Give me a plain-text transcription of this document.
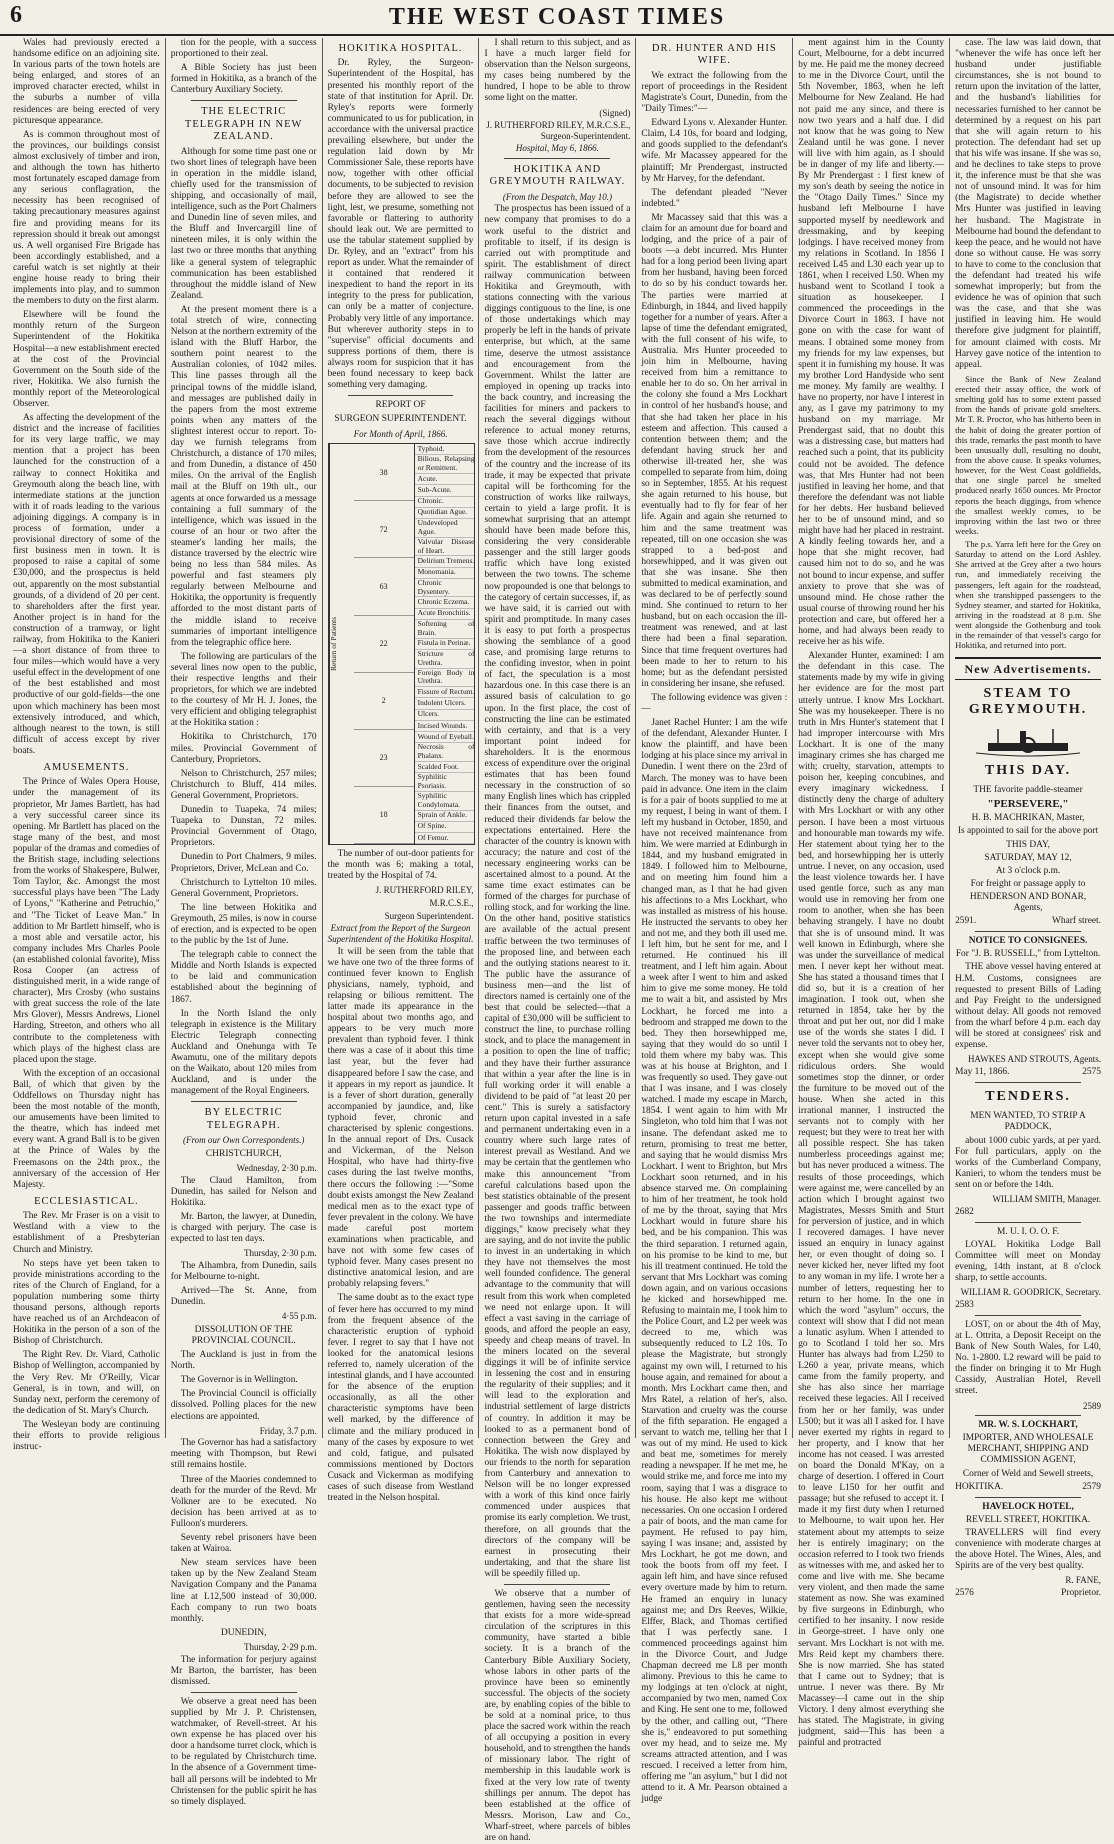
6	THE WEST COAST TIMES

Wales had previously erected a handsome edifice on an adjoining site. In various parts of the town hotels are being enlarged, and stores of an improved character erected, whilst in the suburbs a number of villa residences are being erected of very picturesque appearance.

As is common throughout most of the provinces, our buildings consist almost exclusively of timber and iron, and although the town has hitherto most fortunately escaped damage from any serious conflagration, the necessity has been recognised of taking precautionary measures against fire and providing means for its repression should it break out amongst us. A well organised Fire Brigade has been accordingly established, and a careful watch is set nightly at their engine house ready to bring their implements into play, and to summon the members to duty on the first alarm.

Elsewhere will be found the monthly return of the Surgeon Superintendent of the Hokitika Hospital—a new establishment erected at the cost of the Provincial Government on the South side of the river, Hokitika. We also furnish the monthly report of the Meteorological Observer.

As affecting the development of the district and the increase of facilities for its very large traffic, we may mention that a project has been launched for the construction of a railway to connect Hokitika and Greymouth along the beach line, with intermediate stations at the junction with it of roads leading to the various adjoining diggings. A company is in process of formation, under a provisional directory of some of the first business men in town. It is proposed to raise a capital of some £30,000, and the prospectus is held out, apparently on the most substantial grounds, of a dividend of 20 per cent. to shareholders after the first year. Another project is in hand for the construction of a tramway, or light railway, from Hokitika to the Kanieri—a short distance of from three to four miles—which would have a very useful effect in the development of one of the best established and most productive of our gold-fields—the one upon which machinery has been most extensively introduced, and which, although nearest to the town, is still difficult of access except by river boats.

AMUSEMENTS.

The Prince of Wales Opera House, under the management of its proprietor, Mr James Bartlett, has had a very successful career since its opening. Mr Bartlett has placed on the stage many of the best, and most popular of the dramas and comedies of the British stage, including selections from the works of Shakespere, Bulwer, Tom Taylor, &c. Amongst the most successful plays have been "The Lady of Lyons," "Katherine and Petruchio," and "The Ticket of Leave Man." In addition to Mr Bartlett himself, who is a most able and versatile actor, his company includes Mrs Charles Poole (an established colonial favorite), Miss Rosa Cooper (an actress of distinguished merit, in a wide range of character), Mrs Crosby (who sustains with great success the role of the late Mrs Glover), Messrs Andrews, Lionel Harding, Streeton, and others who all contribute to the completeness with which plays of the highest class are placed upon the stage.

With the exception of an occasional Ball, of which that given by the Oddfellows on Thursday night has been the most notable of the month, our amusements have been limited to the theatre, which has indeed met every want. A grand Ball is to be given at the Prince of Wales by the Freemasons on the 24th prox., the anniversary of the accession of Her Majesty.

ECCLESIASTICAL.

The Rev. Mr Fraser is on a visit to Westland with a view to the establishment of a Presbyterian Church and Ministry.

No steps have yet been taken to provide ministrations according to the rites of the Church of England, for a population numbering some thirty thousand persons, although reports have reached us of an Archdeacon of Hokitika in the person of a son of the Bishop of Christchurch.

The Right Rev. Dr. Viard, Catholic Bishop of Wellington, accompanied by the Very Rev. Mr O'Reilly, Vicar General, is in town, and will, on Sunday next, perform the ceremony of the dedication of St. Mary's Church.

The Wesleyan body are continuing their efforts to provide religious instruc-

tion for the people, with a success proportioned to their zeal.

A Bible Society has just been formed in Hokitika, as a branch of the Canterbury Auxiliary Society.

THE ELECTRIC TELEGRAPH IN NEW ZEALAND.

Although for some time past one or two short lines of telegraph have been in operation in the middle island, chiefly used for the transmission of shipping, and occasionally of mail, intelligence, such as the Port Chalmers and Dunedin line of seven miles, and the Bluff and Invercargill line of nineteen miles, it is only within the last two or three months that anything like a general system of telegraphic communication has been established throughout the middle island of New Zealand.

At the present moment there is a total stretch of wire, connecting Nelson at the northern extremity of the island with the Bluff Harbor, the southern point nearest to the Australian colonies, of 1042 miles. This line passes through all the principal towns of the middle island, and messages are published daily in the papers from the most extreme points when any matters of the slightest interest occur to report. To-day we furnish telegrams from Christchurch, a distance of 170 miles, and from Dunedin, a distance of 450 miles. On the arrival of the English mail at the Bluff on 19th ult., our agents at once forwarded us a message containing a full summary of the intelligence, which was issued in the course of an hour or two after the steamer's landing her mails, the distance traversed by the electric wire being no less than 584 miles. As powerful and fast steamers ply regularly between Melbourne and Hokitika, the opportunity is frequently afforded to the most distant parts of the middle island to receive summaries of important intelligence from the telegraphic office here.

The following are particulars of the several lines now open to the public, their respective lengths and their proprietors, for which we are indebted to the courtesy of Mr H. J. Jones, the very efficient and obliging telegraphist at the Hokitika station :

Hokitika to Christchurch, 170 miles. Provincial Government of Canterbury, Proprietors.

Nelson to Christchurch, 257 miles; Christchurch to Bluff, 414 miles. General Government, Proprietors.

Dunedin to Tuapeka, 74 miles; Tuapeka to Dunstan, 72 miles. Provincial Government of Otago, Proprietors.

Dunedin to Port Chalmers, 9 miles. Proprietors, Driver, McLean and Co.

Christchurch to Lyttelton 10 miles. General Government, Proprietors.

The line between Hokitika and Greymouth, 25 miles, is now in course of erection, and is expected to be open to the public by the 1st of June.

The telegraph cable to connect the Middle and North Islands is expected to be laid and communication established about the beginning of 1867.

In the North Island the only telegraph in existence is the Military Electric Telegraph connecting Auckland and Onehunga with Te Awamutu, one of the military depots on the Waikato, about 120 miles from Auckland, and is under the management of the Royal Engineers.

BY ELECTRIC TELEGRAPH.
(From our Own Correspondents.)
CHRISTCHURCH,
Wednesday, 2·30 p.m.

The Claud Hamilton, from Dunedin, has sailed for Nelson and Hokitika.

Mr. Barton, the lawyer, at Dunedin, is charged with perjury. The case is expected to last ten days.

Thursday, 2·30 p.m.

The Alhambra, from Dunedin, sails for Melbourne to-night.

Arrived—The St. Anne, from Dunedin.

4·55 p.m.
DISSOLUTION OF THE PROVINCIAL COUNCIL.

The Auckland is just in from the North.

The Governor is in Wellington.

The Provincial Council is officially dissolved. Polling places for the new elections are appointed.

Friday, 3.7 p.m.

The Governor has had a satisfactory meeting with Thompson, but Rewi still remains hostile.

Three of the Maories condemned to death for the murder of the Revd. Mr Volkner are to be executed. No decision has been arrived at as to Fulloon's murderers.

Seventy rebel prisoners have been taken at Wairoa.

New steam services have been taken up by the New Zealand Steam Navigation Company and the Panama line at L12,500 instead of 30,000. Each company to run two boats monthly.

DUNEDIN,
Thursday, 2·29 p.m.

The information for perjury against Mr Barton, the barrister, has been dismissed.

We observe a great need has been supplied by Mr J. P. Christensen, watchmaker, of Revell-street. At his own expense he has placed over his door a handsome turret clock, which is to be regulated by Christchurch time. In the absence of a Government time-ball all persons will be indebted to Mr Christensen for the public spirit he has so timely displayed.

HOKITIKA HOSPITAL.

Dr. Ryley, the Surgeon-Superintendent of the Hospital, has presented his monthly report of the state of that institution for April. Dr. Ryley's reports were formerly communicated to us for publication, in accordance with the universal practice prevailing elsewhere, but under the regulation laid down by Mr Commissioner Sale, these reports have now, together with other official documents, to be subjected to revision before they are allowed to see the light, lest, we presume, something not favorable or flattering to authority should leak out. We are permitted to use the tabular statement supplied by Dr. Ryley, and an "extract" from his report as under. What the remainder of it contained that rendered it inexpedient to hand the report in its integrity to the press for publication, can only be a matter of conjecture. Probably very little of any importance. But wherever authority steps in to "supervise" official documents and suppress portions of them, there is always room for suspicion that it has been found necessary to keep back something very damaging.

REPORT OF
SURGEON SUPERINTENDENT.
For Month of April, 1866.
Return of Patients
38
72
63
22
2
23
18
Typhoid.
Bilious, Relapsing or Remittent.
Acute.
Sub-Acute.
Chronic.
Quotidian Ague.
Undeveloped Ague.
Valvular Disease of Heart.
Delirium Tremens.
Monomania.
Chronic Dysentery.
Chronic Eczema.
Acute Bronchitis.
Softening of Brain.
Fistula in Perinæ.
Stricture of Urethra.
Foreign Body in Urethra.
Fissure of Rectum.
Indolent Ulcers.
Ulcers.
Incised Wounds.
Wound of Eyeball.
Necrosis of Phalanx.
Scalded Foot.
Syphilitic Psoriasis.
Syphilitic Condylomata.
Sprain of Ankle.
Of Spine.
Of Femur.

The number of out-door patients for the month was 6; making a total, treated by the Hospital of 74.

J. RUTHERFORD RILEY,
M.R.C.S.E.,
Surgeon Superintendent.
Extract from the Report of the Surgeon Superintendent of the Hokitika Hospital.

It will be seen from the table that we have one two of the three forms of continued fever known to English physicians, namely, typhoid, and relapsing or bilious remittent. The latter made its appearance in the hospital about two months ago, and appears to be very much more prevalent than typhoid fever. I think there was a case of it about this time last year, but the fever had disappeared before I saw the case, and it appears in my report as jaundice. It is a fever of short duration, generally accompanied by jaundice, and, like typhoid fever, chronic and characterised by splenic congestions. In the annual report of Drs. Cusack and Vickerman, of the Nelson Hospital, who have had thirty-five cases during the last twelve months, there occurs the following :—"Some doubt exists amongst the New Zealand medical men as to the exact type of fever prevalent in the colony. We have made careful post mortem examinations when practicable, and have not with some few cases of typhoid fever. Many cases present no distinctive anatomical lesion, and are probably relapsing fevers."

The same doubt as to the exact type of fever here has occurred to my mind from the frequent absence of the characteristic eruption of typhoid fever. I regret to say that I have not looked for the anatomical lesions referred to, namely ulceration of the intestinal glands, and I have accounted for the absence of the eruption occasionally, as all the other characteristic symptoms have been well marked, by the difference of climate and the miliary produced in many of the cases by exposure to wet and cold, fatigue, and pulsated commissions mentioned by Doctors Cusack and Vickerman as modifying cases of such disease from Westland treated in the Nelson hospital.

I shall return to this subject, and as I have a much larger field for observation than the Nelson surgeons, my cases being numbered by the hundred, I hope to be able to throw some light on the matter.

(Signed)
J. RUTHERFORD RILEY, M.R.C.S.E., Surgeon-Superintendent.
Hospital, May 6, 1866.
HOKITIKA AND GREYMOUTH RAILWAY.
(From the Despatch, May 10.)

The prospectus has been issued of a new company that promises to do a work useful to the district and profitable to itself, if its design is carried out with promptitude and spirit. The establishment of direct railway communication between Hokitika and Greymouth, with stations connecting with the various diggings contiguous to the line, is one of those undertakings which may properly be left in the hands of private enterprise, but which, at the same time, deserve the utmost assistance and encouragement from the Government. Whilst the latter are employed in opening up tracks into the back country, and increasing the facilities for miners and packers to reach the several diggings without reference to actual money returns, save those which accrue indirectly from the development of the resources of the country and the increase of its trade, it may be expected that private capital will be forthcoming for the construction of works like railways, certain to yield a large profit. It is somewhat surprising that an attempt should have been made before this, considering the very considerable passenger and the still larger goods traffic which have long existed between the two towns. The scheme now propounded is one that belongs to the category of certain successes, if, as we have said, it is carried out with spirit and promptitude. In many cases it is easy to put forth a prospectus showing the semblance of a good case, and promising large returns to the confiding investor, when in point of fact, the speculation is a most hazardous one. In this case there is an assured basis of calculation to go upon. In the first place, the cost of constructing the line can be estimated with certainty, and that is a very important point indeed for shareholders. It is the enormous excess of expenditure over the original estimates that has been found necessary in the construction of so many English lines which has crippled their finances from the outset, and reduced their dividends far below the expectations entertained. Here the character of the country is known with accuracy; the nature and cost of the necessary engineering works can be ascertained almost to a pound. At the same time exact estimates can be formed of the charges for purchase of rolling stock, and for working the line. On the other hand, positive statistics are available of the actual present traffic between the two terminuses of the proposed line, and between each and the outlying stations nearest to it. The public have the assurance of business men—and the list of directors named is certainly one of the best that could be selected—that a capital of £30,000 will be sufficient to construct the line, to purchase rolling stock, and to place the management in a position to open the line of traffic; and they have their further assurance that within a year after the line is in full working order it will enable a dividend to be paid of "at least 20 per cent." This is surely a satisfactory return upon capital invested in a safe and permanent undertaking even in a country where such large rates of interest prevail as Westland. And we may be certain that the gentlemen who make this announcement "from careful calculations based upon the best statistics obtainable of the present passenger and goods traffic between the two townships and intermediate diggings," know precisely what they are saying, and do not invite the public to invest in an undertaking in which they have not themselves the most well founded confidence. The general advantage to the community that will result from this work when completed we need not enlarge upon. It will effect a vast saving in the carriage of goods, and afford the people an easy, speedy and cheap means of travel. In the miners located on the several diggings it will be of infinite service in lessening the cost and in ensuring the regularity of their supplies; and it will lead to the exploration and industrial settlement of large districts of country. In addition it may be looked to as a permanent bond of connection between the Grey and Hokitika. The wish now displayed by our friends to the north for separation from Canterbury and annexation to Nelson will be no longer expressed with a work of this kind once fairly commenced under auspices that promise its early completion. We trust, therefore, on all grounds that the directors of the company will be earnest in prosecuting their undertaking, and that the share list will be speedily filled up.

We observe that a number of gentlemen, having seen the necessity that exists for a more wide-spread circulation of the scriptures in this community, have started a bible society. It is a branch of the Canterbury Bible Auxiliary Society, whose labors in other parts of the province have been so eminently successful. The objects of the society are, by enabling copies of the bible to be sold at a nominal price, to thus place the sacred work within the reach of all occupying a position in every household, and to strengthen the hands of missionary labor. The right of membership in this laudable work is fixed at the very low rate of twenty shillings per annum. The depot has been established at the office of Messrs. Morison, Law and Co., Wharf-street, where parcels of bibles are on hand.

DR. HUNTER AND HIS WIFE.

We extract the following from the report of proceedings in the Resident Magistrate's Court, Dunedin, from the "Daily Times:"—

Edward Lyons v. Alexander Hunter. Claim, L4 10s, for board and lodging, and goods supplied to the defendant's wife. Mr Macassey appeared for the plaintiff; Mr Prendergast, instructed by Mr Harvey, for the defendant.

The defendant pleaded "Never indebted."

Mr Macassey said that this was a claim for an amount due for board and lodging, and the price of a pair of boots —a debt incurred. Mrs Hunter had for a long period been living apart from her husband, having been forced to do so by his conduct towards her. The parties were married at Edinburgh, in 1844, and lived happily together for a number of years. After a lapse of time the defendant emigrated, with the full consent of his wife, to Australia. Mrs Hunter proceeded to join him in Melbourne, having received from him a remittance to enable her to do so. On her arrival in the colony she found a Mrs Lockhart in control of her husband's house, and that she had taken her place in his esteem and affection. This caused a contention between them; and the defendant having struck her and otherwise ill-treated her, she was compelled to separate from him, doing so in September, 1855. At his request she again returned to his house, but eventually had to fly for fear of her life. Again and again she returned to him and the same treatment was repeated, till on one occasion she was strapped to a bed-post and horsewhipped, and it was given out that she was insane. She then submitted to medical examination, and was declared to be of perfectly sound mind. She continued to return to her husband, but on each occasion the ill-treatment was renewed, and at last there had been a final separation. Since that time frequent overtures had been made to her to return to his home; but as the defendant persisted in considering her insane, she refused.

The following evidence was given :—

Janet Rachel Hunter: I am the wife of the defendant, Alexander Hunter. I know the plaintiff, and have been lodging at his place since my arrival in Dunedin. I went there on the 23rd of March. The money was to have been paid in advance. One item in the claim is for a pair of boots supplied to me at my request, I being in want of them. I left my husband in October, 1850, and have not received maintenance from him. We were married at Edinburgh in 1844, and my husband emigrated in 1849. I followed him to Melbourne, and on meeting him found him a changed man, as I that he had given his affections to a Mrs Lockhart, who was installed as mistress of his house. He instructed the servants to obey her and not me, and they both ill used me. I left him, but he sent for me, and I returned. He continued his ill treatment, and I left him again. About a week after I went to him and asked him to give me some money. He told me to wait a bit, and assisted by Mrs Lockhart, he forced me into a bedroom and strapped me down to the bed. They then horsewhipped me, saying that they would do so until I told them where my baby was. This was at his house at Brighton, and I was frequently so used. They gave out that I was insane, and I was closely watched. I made my escape in March, 1854. I went again to him with Mr Singleton, who told him that I was not insane. The defendant asked me to return, promising to treat me better, and saying that he would dismiss Mrs Lockhart. I went to Brighton, but Mrs Lockhart soon returned, and in his absence starved me. On complaining to him of her treatment, he took hold of me by the throat, saying that Mrs Lockhart would in future share his bed, and be his companion. This was the third separation. I returned again, on his promise to be kind to me, but his ill treatment continued. He told the servant that Mrs Lockhart was coming down again, and on various occasions he kicked and horsewhipped me. Refusing to maintain me, I took him to the Police Court, and L2 per week was decreed to me, which was subsequently reduced to L2 10s. To please the Magistrate, but strongly against my own will, I returned to his house again, and remained for about a month. Mrs Lockhart came then, and Mrs Ratel, a relation of her's, also. Starvation and cruelty was the course of the fifth separation. He engaged a servant to watch me, telling her that I was out of my mind. He used to kick and beat me, sometimes for merely reading a newspaper. If he met me, he would strike me, and force me into my room, saying that I was a disgrace to his house. He also kept me without necessaries. On one occasion I ordered a pair of boots, and the man came for payment. He refused to pay him, saying I was insane; and, assisted by Mrs Lockhart, he got me down, and took the boots from off my feet. I again left him, and have since refused every overture made by him to return. He framed an enquiry in lunacy against me; and Drs Reeves, Wilkie, Elffer, Black, and Thomas certified that I was perfectly sane. I commenced proceedings against him in the Divorce Court, and Judge Chapman decreed me L8 per month alimony. Previous to this he came to my lodgings at ten o'clock at night, accompanied by two men, named Cox and King. He sent one to me, followed by the other, and calling out, "There she is," endeavored to put something over my head, and to seize me. My screams attracted attention, and I was rescued. I received a letter from him, offering me "an asylum," but I did not attend to it. A Mr. Pearson obtained a judge

ment against him in the County Court, Melbourne, for a debt incurred by me. He paid me the money decreed to me in the Divorce Court, until the 5th November, 1863, when he left Melbourne for New Zealand. He had not paid me any since, and there is now two years and a half due. I did not know that he was going to New Zealand until he was gone. I never will live with him again, as I should be in danger of my life and liberty.—By Mr Prendergast : I first knew of my son's death by seeing the notice in the "Otago Daily Times." Since my husband left Melbourne I have supported myself by needlework and dressmaking, and by keeping lodgings. I have received money from my relations in Scotland. In 1856 I received L45 and L30 each year up to 1861, when I received L50. When my husband went to Scotland I took a situation as housekeeper. I commenced the proceedings in the Divorce Court in 1863. I have not gone on with the case for want of means. I obtained some money from my friends for my law expenses, but spent it in furnishing my house. It was my brother Lord Handyside who sent me money. My family are wealthy. I have no property, nor have I interest in any, as I gave my patrimony to my husband on my marriage. Mr Prendergast said, that no doubt this was a distressing case, but matters had reached such a point, that its publicity could not be avoided. The defence was, that Mrs Hunter had not been justified in leaving her home, and that therefore the defendant was not liable for her debts. Her husband believed her to be of unsound mind, and so might have had her placed in restraint. A kindly feeling towards her, and a hope that she might recover, had caused him not to do so, and he was not bound to incur expense, and suffer anxiety to prove that she was of unsound mind. He chose rather the usual course of throwing round her his protection and care, but offered her a home, and had always been ready to receive her as his wife.

Alexander Hunter, examined: I am the defendant in this case. The statements made by my wife in giving her evidence are for the most part utterly untrue. I know Mrs Lockhart. She was my housekeeper. There is no truth in Mrs Hunter's statement that I had improper intercourse with Mrs Lockhart. It is one of the many imaginary crimes she has charged me with; cruelty, starvation, attempts to poison her, keeping concubines, and every imaginary wickedness. I distinctly deny the charge of adultery with Mrs Lockhart or with any other person. I have been a most virtuous and honourable man towards my wife. Her statement about tying her to the bed, and horsewhipping her is utterly untrue. I never, on any occasion, used the least violence towards her. I have used gentle force, such as any man would use in removing her from one room to another, when she has been behaving strangely. I have no doubt that she is of unsound mind. It was well known in Edinburgh, where she was under the surveillance of medical men. I never kept her without meat. She has stated a thousand times that I did so, but it is a creation of her imagination. I took out, when she returned in 1854, take her by the throat and put her out, nor did I make use of the words she states I did. I never told the servants not to obey her, except when she would give some ridiculous orders. She would sometimes stop the dinner, or order the furniture to be moved out of the house. When she acted in this irrational manner, I instructed the servants not to comply with her request; but they were to treat her with all possible respect. She has taken numberless proceedings against me; but has never produced a witness. The results of those proceedings, which were against me, were cancelled by an action which I brought against two Magistrates, Messrs Smith and Sturt for perversion of justice, and in which I recovered damages. I have never issued an enquiry in lunacy against her, or even thought of doing so. I never kicked her, never lifted my foot to any woman in my life. I wrote her a number of letters, requesting her to return to her home. In the one in which the word "asylum" occurs, the context will show that I did not mean a lunatic asylum. When I attended to go to Scotland I told her so. Mrs Hunter has always had from L250 to L260 a year, private means, which came from the family property, and she has also since her marriage received these legacies. All I received from her or her family, was under L500; but it was all I asked for. I have never exerted my rights in regard to her property, and I know that her income has not ceased. I was arrested on board the Donald M'Kay, on a charge of desertion. I offered in Court to leave L150 for her outfit and passage; but she refused to accept it. I made it my first duty when I returned to Melbourne, to wait upon her. Her statement about my attempts to seize her is entirely imaginary; on the occasion referred to I took two friends as witnesses with me, and asked her to come and live with me. She became very violent, and then made the same statement as now. She was examined by five surgeons in Edinburgh, who certified to her insanity. I now reside in George-street. I have only one servant. Mrs Lockhart is not with me. Mrs Reid kept my chambers there. She is now married. She has stated that I came out to Sydney; that is untrue. I never was there. By Mr Macassey—I came out in the ship Victory. I deny almost everything she has stated. The Magistrate, in giving judgment, said—This has been a painful and protracted

case. The law was laid down, that "whenever the wife has once left her husband under justifiable circumstances, she is not bound to return upon the invitation of the latter, and the husband's liabilities for necessaries furnished to her cannot be determined by a request on his part that she will again return to his protection. The defendant had set up that his wife was insane. If she was so, and he declines to take steps to prove it, the inference must be that she was not of unsound mind. It was for him (the Magistrate) to decide whether Mrs Hunter was justified in leaving her husband. The Magistrate in Melbourne had bound the defendant to keep the peace, and he would not have done so without cause. He was sorry to have to come to the conclusion that the defendant had treated his wife somewhat improperly; but from the evidence he was of opinion that such was the case, and that she was justified in leaving him. He would therefore give judgment for plaintiff, for amount claimed with costs. Mr Harvey gave notice of the intention to appeal.

Since the Bank of New Zealand erected their assay office, the work of smelting gold has to some extent passed from the hands of private gold smelters. Mr T. R. Proctor, who has hitherto been in the habit of doing the greater portion of this trade, remarks the past month to have been unusually dull, resulting no doubt, from the above cause. It speaks volumes, however, for the West Coast goldfields, that one single parcel he smelted produced nearly 1650 ounces. Mr Proctor reports the beach diggings, from whence the smallest weekly comes, to be improving within the last two or three weeks.

The p.s. Yarra left here for the Grey on Saturday to attend on the Lord Ashley. She arrived at the Grey after a two hours run, and immediately receiving the passengers, left again for the roadstead, when she transhipped passengers to the Sydney steamer, and started for Hokitika, arriving in the roadstead at 8 p.m. She went alongside the Gothenburg and took in the remainder of that vessel's cargo for Hokitika, and returned into port.

New Advertisements.
STEAM TO GREYMOUTH.
THIS DAY.
THE favorite paddle-steamer
"PERSEVERE,"
H. B. MACHRIKAN, Master,
Is appointed to sail for the above port
THIS DAY,
SATURDAY, MAY 12,
At 3 o'clock p.m.
For freight or passage apply to
HENDERSON AND BONAR, Agents,
2591.	Wharf street.
NOTICE TO CONSIGNEES.
For "J. B. RUSSELL," from Lyttelton.

THE above vessel having entered at H.M. Customs, consignees are requested to present Bills of Lading and Pay Freight to the undersigned without delay. All goods not removed from the wharf before 4 p.m. each day will be stored at consignees' risk and expense.

HAWKES AND STROUTS, Agents.
May 11, 1866.	2575
TENDERS.
MEN WANTED, TO STRIP A PADDOCK,

about 1000 cubic yards, at per yard. For full particulars, apply on the works of the Cumberland Company, Kanieri, to whom the tenders must be sent on or before the 14th.

WILLIAM SMITH, Manager.
2682
M. U. I. O. O. F.

LOYAL Hokitika Lodge Ball Committee will meet on Monday evening, 14th instant, at 8 o'clock sharp, to settle accounts.

WILLIAM R. GOODRICK, Secretary.
2583

LOST, on or about the 4th of May, at L. Ottrita, a Deposit Receipt on the Bank of New South Wales, for L40, No. 1-2800. L2 reward will be paid to the finder on bringing it to Mr Hugh Cassidy, Australian Hotel, Revell street.

2589
MR. W. S. LOCKHART,
IMPORTER, AND WHOLESALE MERCHANT, SHIPPING AND COMMISSION AGENT,
Corner of Weld and Sewell streets,
HOKITIKA.	2579
HAVELOCK HOTEL,
REVELL STREET, HOKITIKA.

TRAVELLERS will find every convenience with moderate charges at the above Hotel. The Wines, Ales, and Spirits are of the very best quality.

R. FANE,
2576	Proprietor.
